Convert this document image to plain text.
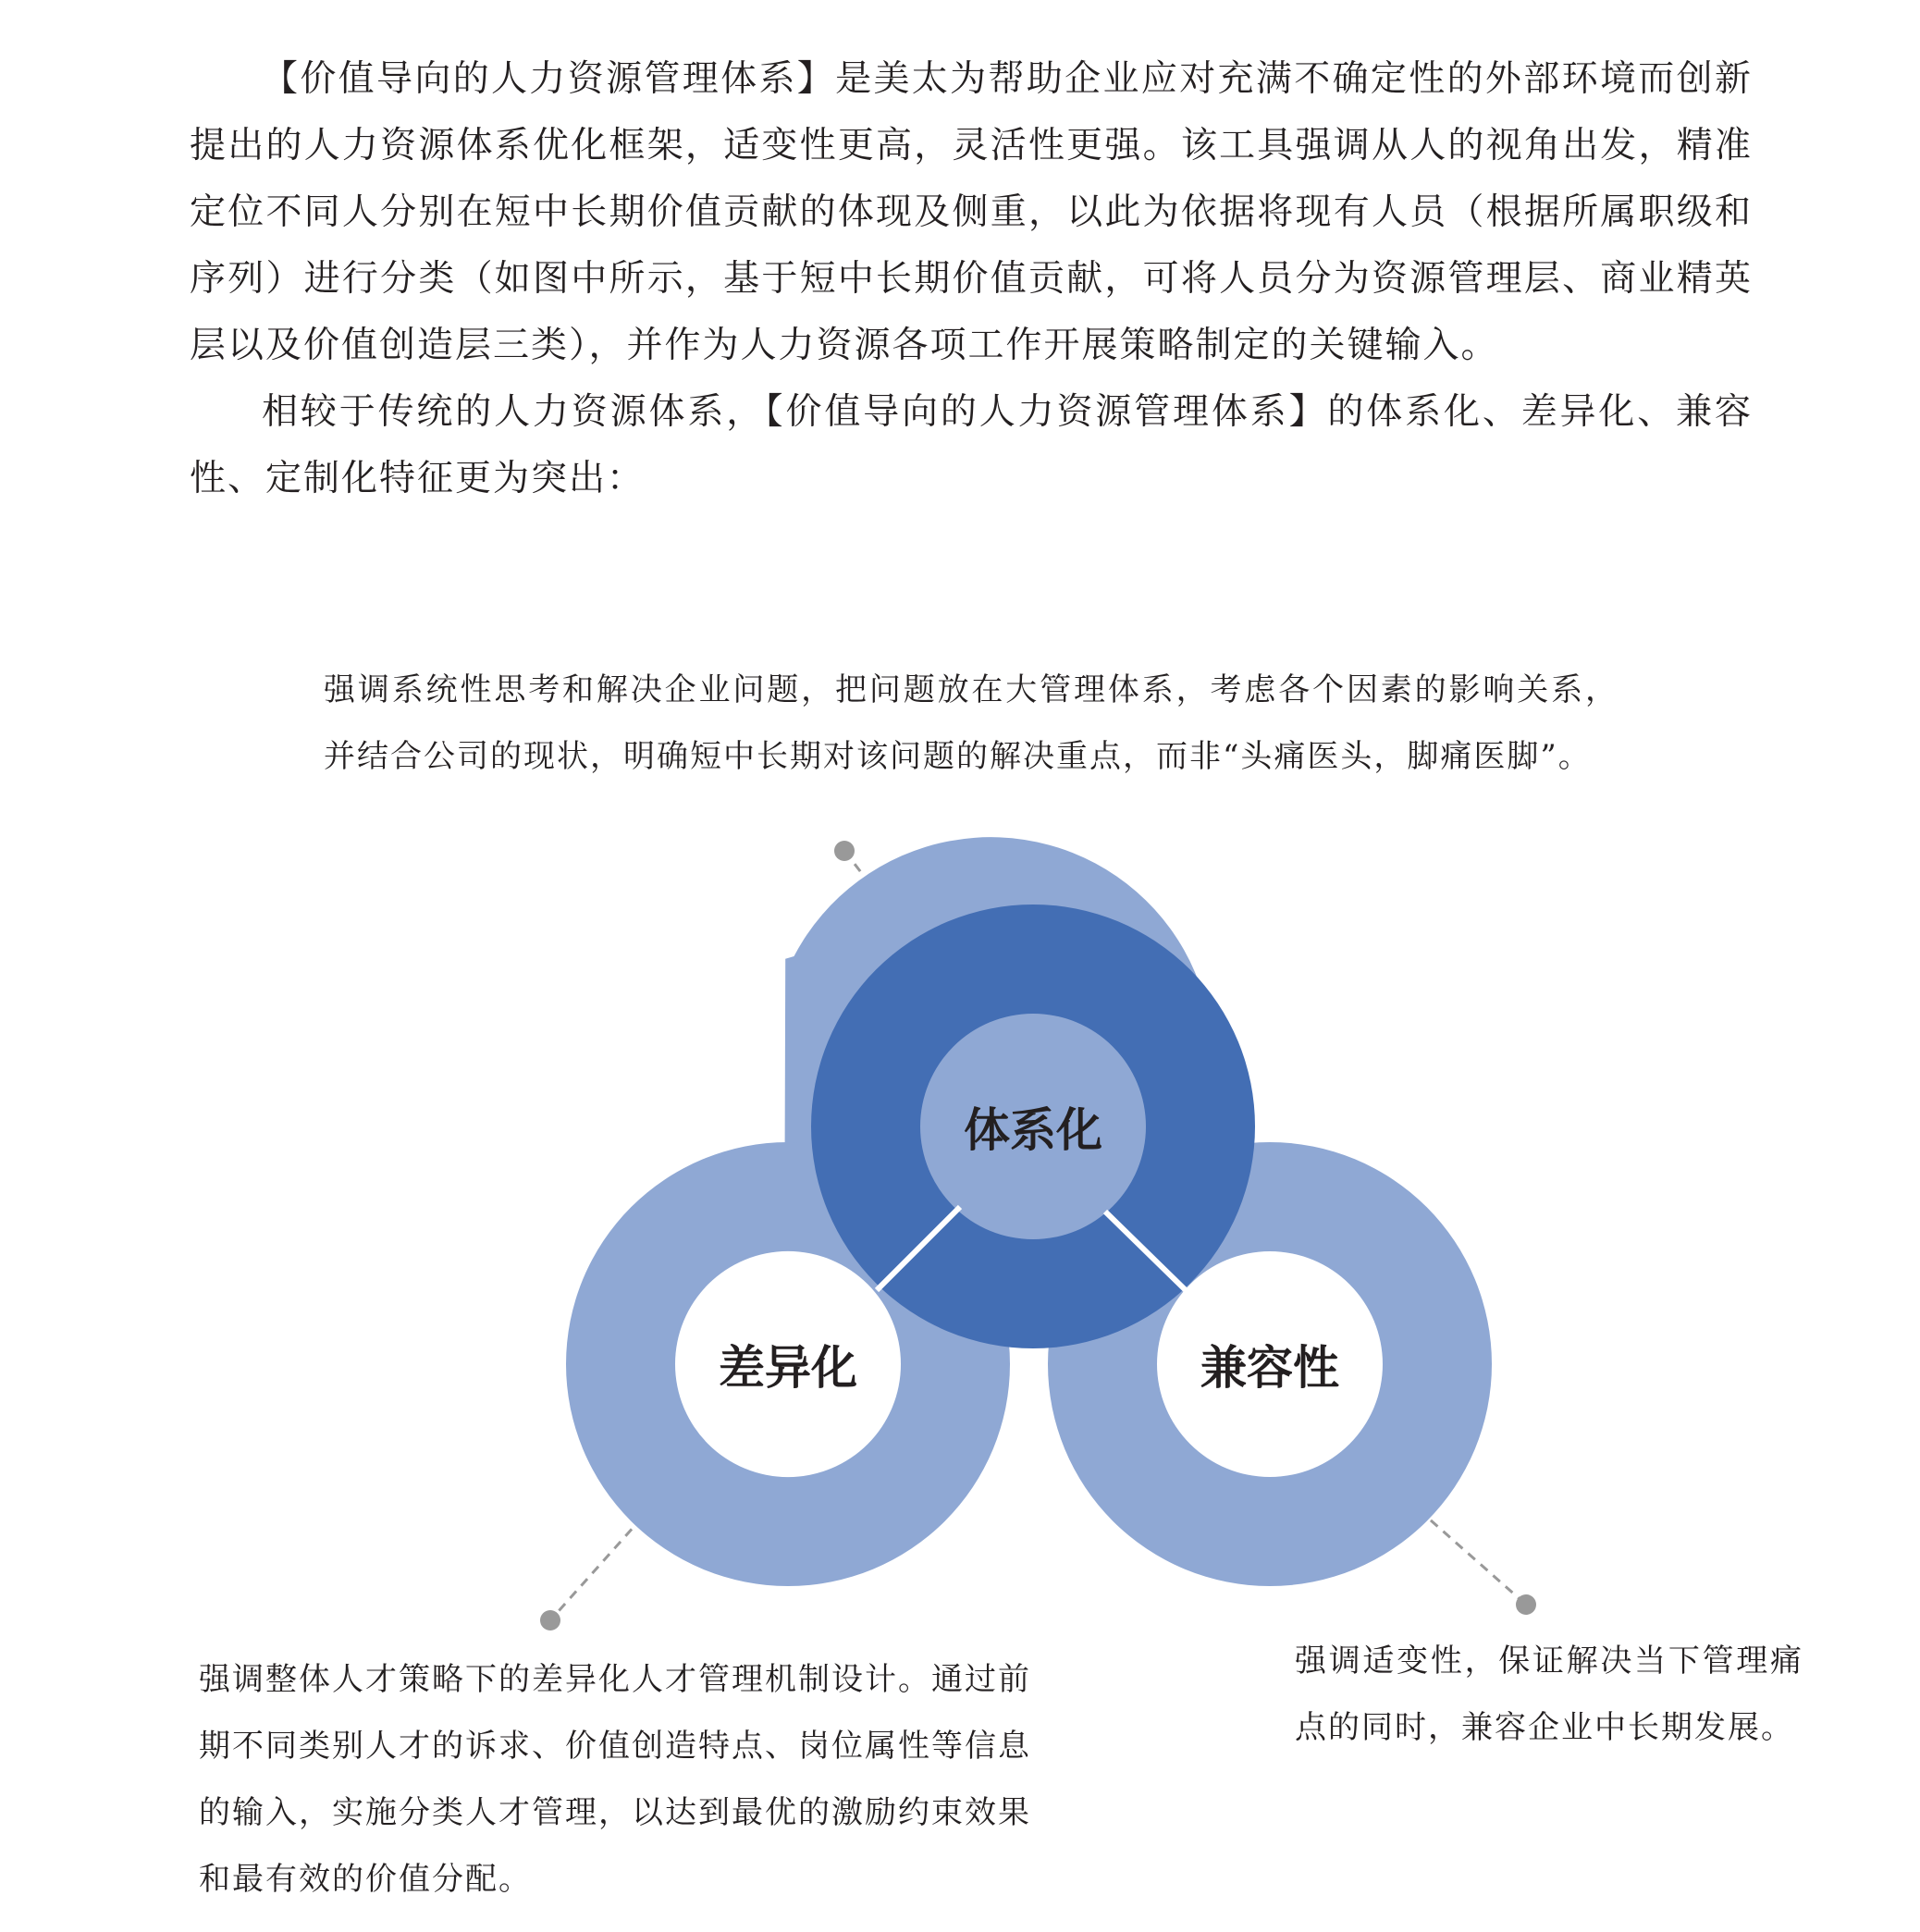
【价值导向的人力资源管理体系】是美太为帮助企业应对充满不确定性的外部环境而创新提出的人力资源体系优化框架，适变性更高，灵活性更强。该工具强调从人的视角出发，精准定位不同人分别在短中长期价值贡献的体现及侧重，以此为依据将现有人员（根据所属职级和序列）进行分类（如图中所示，基于短中长期价值贡献，可将人员分为资源管理层、商业精英层以及价值创造层三类），并作为人力资源各项工作开展策略制定的关键输入。

相较于传统的人力资源体系，【价值导向的人力资源管理体系】的体系化、差异化、兼容性、定制化特征更为突出：

强调系统性思考和解决企业问题，把问题放在大管理体系，考虑各个因素的影响关系，并结合公司的现状，明确短中长期对该问题的解决重点，而非“头痛医头，脚痛医脚”。

强调整体人才策略下的差异化人才管理机制设计。通过前期不同类别人才的诉求、价值创造特点、岗位属性等信息的输入，实施分类人才管理，以达到最优的激励约束效果和最有效的价值分配。

强调适变性，保证解决当下管理痛点的同时，兼容企业中长期发展。

体系化
差异化	兼容性
